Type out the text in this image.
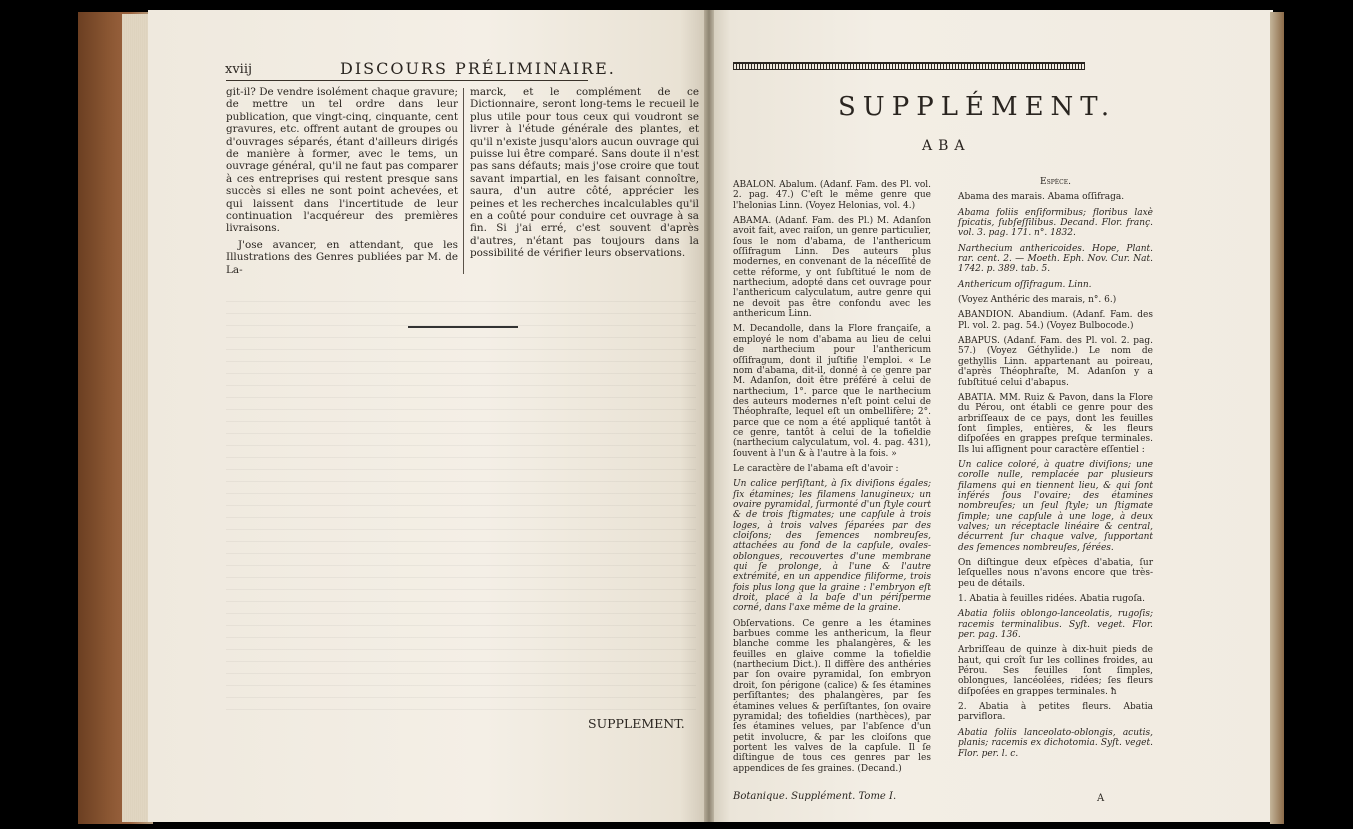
xviij	DISCOURS PRÉLIMINAIRE.

git-il? De vendre isolément chaque gravure; de mettre un tel ordre dans leur publication, que vingt-cinq, cinquante, cent gravures, etc. offrent autant de groupes ou d'ouvrages séparés, étant d'ailleurs dirigés de manière à former, avec le tems, un ouvrage général, qu'il ne faut pas comparer à ces entreprises qui restent presque sans succès si elles ne sont point achevées, et qui laissent dans l'incertitude de leur continuation l'acquéreur des premières livraisons.

J'ose avancer, en attendant, que les Illustrations des Genres publiées par M. de La-

marck, et le complément de ce Dictionnaire, seront long-tems le recueil le plus utile pour tous ceux qui voudront se livrer à l'étude générale des plantes, et qu'il n'existe jusqu'alors aucun ouvrage qui puisse lui être comparé. Sans doute il n'est pas sans défauts; mais j'ose croire que tout savant impartial, en les faisant connoître, saura, d'un autre côté, apprécier les peines et les recherches incalculables qu'il en a coûté pour conduire cet ouvrage à sa fin. Si j'ai erré, c'est souvent d'après d'autres, n'étant pas toujours dans la possibilité de vérifier leurs observations.

SUPPLEMENT.
SUPPLÉMENT.
ABA

ABALON. Abalum. (Adanf. Fam. des Pl. vol. 2. pag. 47.) C'eſt le même genre que l'helonias Linn. (Voyez Helonias, vol. 4.)

ABAMA. (Adanf. Fam. des Pl.) M. Adanſon avoit fait, avec raiſon, un genre particulier, ſous le nom d'abama, de l'anthericum oſſifragum Linn. Des auteurs plus modernes, en convenant de la néceſſité de cette réforme, y ont ſubſtitué le nom de narthecium, adopté dans cet ouvrage pour l'anthericum calyculatum, autre genre qui ne devoit pas être confondu avec les anthericum Linn.

M. Decandolle, dans la Flore françaiſe, a employé le nom d'abama au lieu de celui de narthecium pour l'anthericum oſſifragum, dont il juſtifie l'emploi. « Le nom d'abama, dit-il, donné à ce genre par M. Adanſon, doit être préféré à celui de narthecium, 1°. parce que le narthecium des auteurs modernes n'eſt point celui de Théophraſte, lequel eſt un ombellifère; 2°. parce que ce nom a été appliqué tantôt à ce genre, tantôt à celui de la tofieldie (narthecium calyculatum, vol. 4. pag. 431), ſouvent à l'un & à l'autre à la fois. »

Le caractère de l'abama eſt d'avoir :

Un calice perſiſtant, à ſix diviſions égales; ſix étamines; les filamens lanugineux; un ovaire pyramidal, ſurmonté d'un ſtyle court & de trois ſtigmates; une capſule à trois loges, à trois valves ſéparées par des cloiſons; des ſemences nombreuſes, attachées au fond de la capſule, ovales-oblongues, recouvertes d'une membrane qui ſe prolonge, à l'une & l'autre extrémité, en un appendice filiforme, trois fois plus long que la graine : l'embryon eſt droit, placé à la baſe d'un périſperme corné, dans l'axe même de la graine.

Obſervations. Ce genre a les étamines barbues comme les anthericum, la fleur blanche comme les phalangères, & les feuilles en glaive comme la tofieldie (narthecium Dict.). Il diffère des anthéries par ſon ovaire pyramidal, ſon embryon droit, ſon périgone (calice) & ſes étamines perſiſtantes; des phalangères, par ſes étamines velues & perſiſtantes, ſon ovaire pyramidal; des tofieldies (narthèces), par ſes étamines velues, par l'abſence d'un petit involucre, & par les cloiſons que portent les valves de la capſule. Il ſe diſtingue de tous ces genres par les appendices de ſes graines. (Decand.)

Espèce.

Abama des marais. Abama oſſifraga.

Abama foliis enſiformibus; floribus laxè ſpicatis, ſubſeſſilibus. Decand. Flor. franç. vol. 3. pag. 171. n°. 1832.

Narthecium anthericoides. Hope, Plant. rar. cent. 2. — Moeth. Eph. Nov. Cur. Nat. 1742. p. 389. tab. 5.

Anthericum oſſifragum. Linn.

(Voyez Anthéric des marais, n°. 6.)

ABANDION. Abandium. (Adanf. Fam. des Pl. vol. 2. pag. 54.) (Voyez Bulbocode.)

ABAPUS. (Adanf. Fam. des Pl. vol. 2. pag. 57.) (Voyez Géthylide.) Le nom de gethyllis Linn. appartenant au poireau, d'après Théophraſte, M. Adanſon y a ſubſtitué celui d'abapus.

ABATIA. MM. Ruiz & Pavon, dans la Flore du Pérou, ont établi ce genre pour des arbriſſeaux de ce pays, dont les feuilles ſont ſimples, entières, & les fleurs diſpoſées en grappes preſque terminales. Ils lui aſſignent pour caractère eſſentiel :

Un calice coloré, à quatre diviſions; une corolle nulle, remplacée par plusieurs filamens qui en tiennent lieu, & qui ſont inférés ſous l'ovaire; des étamines nombreuſes; un ſeul ſtyle; un ſtigmate ſimple; une capſule à une loge, à deux valves; un réceptacle linéaire & central, décurrent ſur chaque valve, ſupportant des ſemences nombreuſes, ſérées.

On diſtingue deux eſpèces d'abatia, ſur leſquelles nous n'avons encore que très-peu de détails.

1. Abatia à feuilles ridées. Abatia rugoſa.

Abatia foliis oblongo-lanceolatis, rugoſis; racemis terminalibus. Syſt. veget. Flor. per. pag. 136.

Arbriſſeau de quinze à dix-huit pieds de haut, qui croît ſur les collines froides, au Pérou. Ses feuilles ſont ſimples, oblongues, lancéolées, ridées; ſes fleurs diſpoſées en grappes terminales. ħ

2. Abatia à petites fleurs. Abatia parviflora.

Abatia foliis lanceolato-oblongis, acutis, planis; racemis ex dichotomia. Syſt. veget. Flor. per. l. c.

Botanique. Supplément. Tome I.	A
